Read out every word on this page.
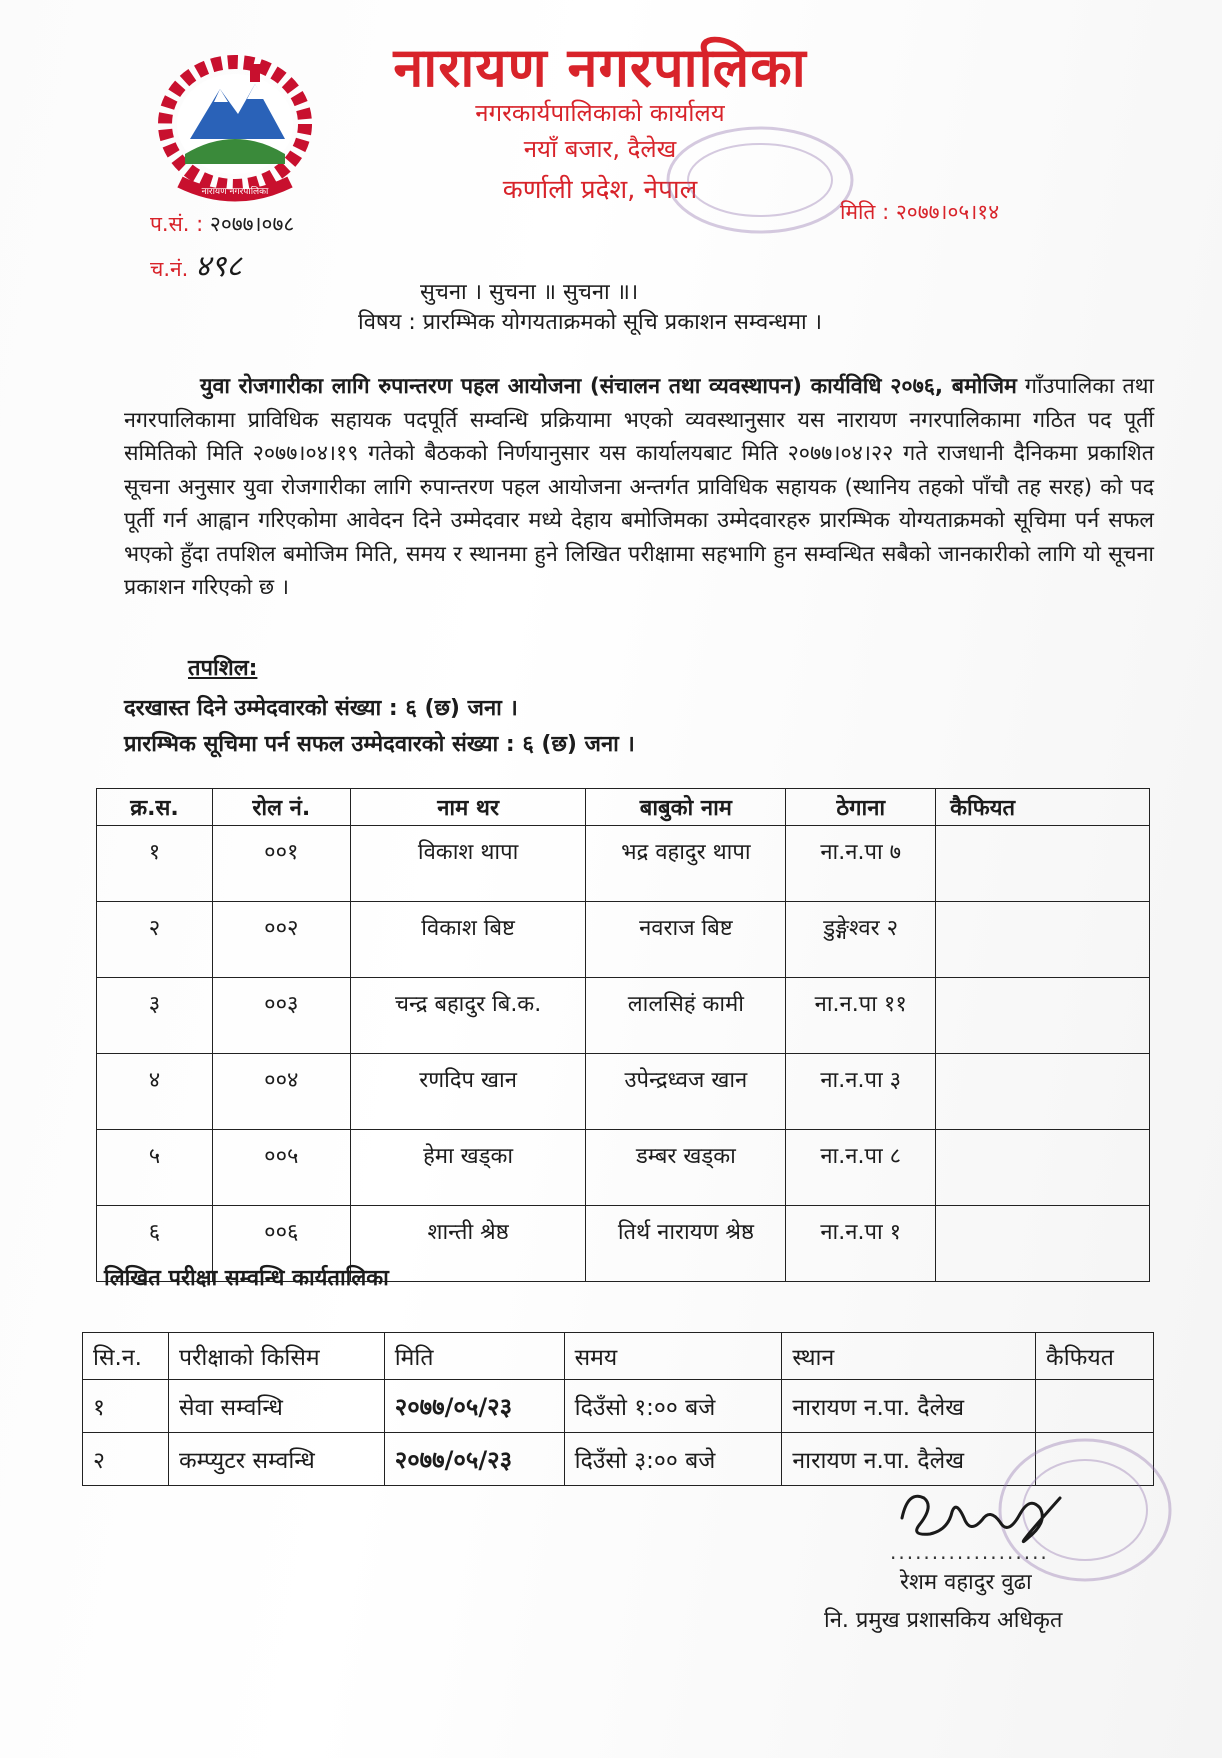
नारायण नगरपालिका
नारायण नगरपालिका
नगरकार्यपालिकाको कार्यालय
नयाँ बजार, दैलेख
कर्णाली प्रदेश, नेपाल
प.सं. : २०७७।०७८
च.नं. ४९८
मिति : २०७७।०५।१४
सुचना । सुचना ॥ सुचना ॥।
विषय : प्रारम्भिक योगयताक्रमको सूचि प्रकाशन सम्वन्धमा ।
युवा रोजगारीका लागि रुपान्तरण पहल आयोजना (संचालन तथा व्यवस्थापन) कार्यविधि २०७६, बमोजिम गाँउपालिका तथा नगरपालिकामा प्राविधिक सहायक पदपूर्ति सम्वन्धि प्रक्रियामा भएको व्यवस्थानुसार यस नारायण नगरपालिकामा गठित पद पूर्ती समितिको मिति २०७७।०४।१९ गतेको बैठकको निर्णयानुसार यस कार्यालयबाट मिति २०७७।०४।२२ गते राजधानी दैनिकमा प्रकाशित सूचना अनुसार युवा रोजगारीका लागि रुपान्तरण पहल आयोजना अन्तर्गत प्राविधिक सहायक (स्थानिय तहको पाँचौ तह सरह) को पद पूर्ती गर्न आह्वान गरिएकोमा आवेदन दिने उम्मेदवार मध्ये देहाय बमोजिमका उम्मेदवारहरु प्रारम्भिक योग्यताक्रमको सूचिमा पर्न सफल भएको हुँदा तपशिल बमोजिम मिति, समय र स्थानमा हुने लिखित परीक्षामा सहभागि हुन सम्वन्धित सबैको जानकारीको लागि यो सूचना प्रकाशन गरिएको छ ।
तपशिल:
दरखास्त दिने उम्मेदवारको संख्या : ६ (छ) जना ।
प्रारम्भिक सूचिमा पर्न सफल उम्मेदवारको संख्या : ६ (छ) जना ।
क्र.स.	रोल नं.	नाम थर	बाबुको नाम	ठेगाना	कैफियत
१	००१	विकाश थापा	भद्र वहादुर थापा	ना.न.पा ७	
२	००२	विकाश बिष्ट	नवराज बिष्ट	डुङ्गेश्वर २	
३	००३	चन्द्र बहादुर बि.क.	लालसिहं कामी	ना.न.पा ११	
४	००४	रणदिप खान	उपेन्द्रध्वज खान	ना.न.पा ३	
५	००५	हेमा खड्का	डम्बर खड्का	ना.न.पा ८	
६	००६	शान्ती श्रेष्ठ	तिर्थ नारायण श्रेष्ठ	ना.न.पा १	
लिखित परीक्षा सम्वन्धि कार्यतालिका
सि.न.	परीक्षाको किसिम	मिति	समय	स्थान	कैफियत
१	सेवा सम्वन्धि	२०७७/०५/२३	दिउँसो १:०० बजे	नारायण न.पा. दैलेख	
२	कम्प्युटर सम्वन्धि	२०७७/०५/२३	दिउँसो ३:०० बजे	नारायण न.पा. दैलेख	
...................
रेशम वहादुर वुढा
नि. प्रमुख प्रशासकिय अधिकृत
